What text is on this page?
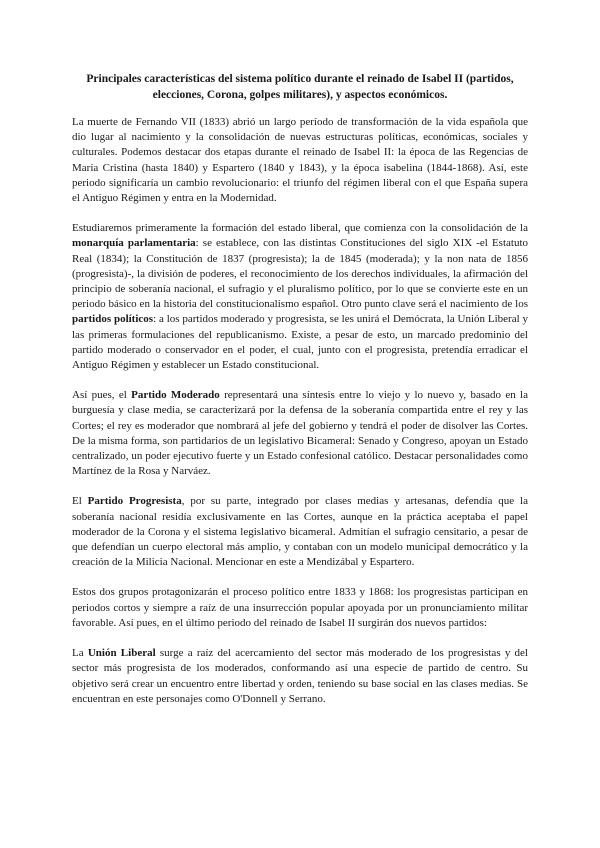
Principales características del sistema político durante el reinado de Isabel II (partidos, elecciones, Corona, golpes militares), y aspectos económicos.

La muerte de Fernando VII (1833) abrió un largo período de transformación de la vida española que dio lugar al nacimiento y la consolidación de nuevas estructuras políticas, económicas, sociales y culturales. Podemos destacar dos etapas durante el reinado de Isabel II: la época de las Regencias de María Cristina (hasta 1840) y Espartero (1840 y 1843), y la época isabelina (1844-1868). Así, este periodo significaría un cambio revolucionario: el triunfo del régimen liberal con el que España supera el Antiguo Régimen y entra en la Modernidad.

Estudiaremos primeramente la formación del estado liberal, que comienza con la consolidación de la monarquía parlamentaria: se establece, con las distintas Constituciones del siglo XIX -el Estatuto Real (1834); la Constitución de 1837 (progresista); la de 1845 (moderada); y la non nata de 1856 (progresista)-, la división de poderes, el reconocimiento de los derechos individuales, la afirmación del principio de soberanía nacional, el sufragio y el pluralismo político, por lo que se convierte este en un periodo básico en la historia del constitucionalismo español. Otro punto clave será el nacimiento de los partidos políticos: a los partidos moderado y progresista, se les unirá el Demócrata, la Unión Liberal y las primeras formulaciones del republicanismo. Existe, a pesar de esto, un marcado predominio del partido moderado o conservador en el poder, el cual, junto con el progresista, pretendía erradicar el Antiguo Régimen y establecer un Estado constitucional.

Así pues, el Partido Moderado representará una síntesis entre lo viejo y lo nuevo y, basado en la burguesía y clase media, se caracterizará por la defensa de la soberanía compartida entre el rey y las Cortes; el rey es moderador que nombrará al jefe del gobierno y tendrá el poder de disolver las Cortes. De la misma forma, son partidarios de un legislativo Bicameral: Senado y Congreso, apoyan un Estado centralizado, un poder ejecutivo fuerte y un Estado confesional católico. Destacar personalidades como Martínez de la Rosa y Narváez.

El Partido Progresista, por su parte, integrado por clases medias y artesanas, defendía que la soberanía nacional residía exclusivamente en las Cortes, aunque en la práctica aceptaba el papel moderador de la Corona y el sistema legislativo bicameral. Admitían el sufragio censitario, a pesar de que defendían un cuerpo electoral más amplio, y contaban con un modelo municipal democrático y la creación de la Milicia Nacional. Mencionar en este a Mendizábal y Espartero.

Estos dos grupos protagonizarán el proceso político entre 1833 y 1868: los progresistas participan en periodos cortos y siempre a raíz de una insurrección popular apoyada por un pronunciamiento militar favorable. Así pues, en el último periodo del reinado de Isabel II surgirán dos nuevos partidos:

La Unión Liberal surge a raíz del acercamiento del sector más moderado de los progresistas y del sector más progresista de los moderados, conformando así una especie de partido de centro. Su objetivo será crear un encuentro entre libertad y orden, teniendo su base social en las clases medias. Se encuentran en este personajes como O'Donnell y Serrano.
